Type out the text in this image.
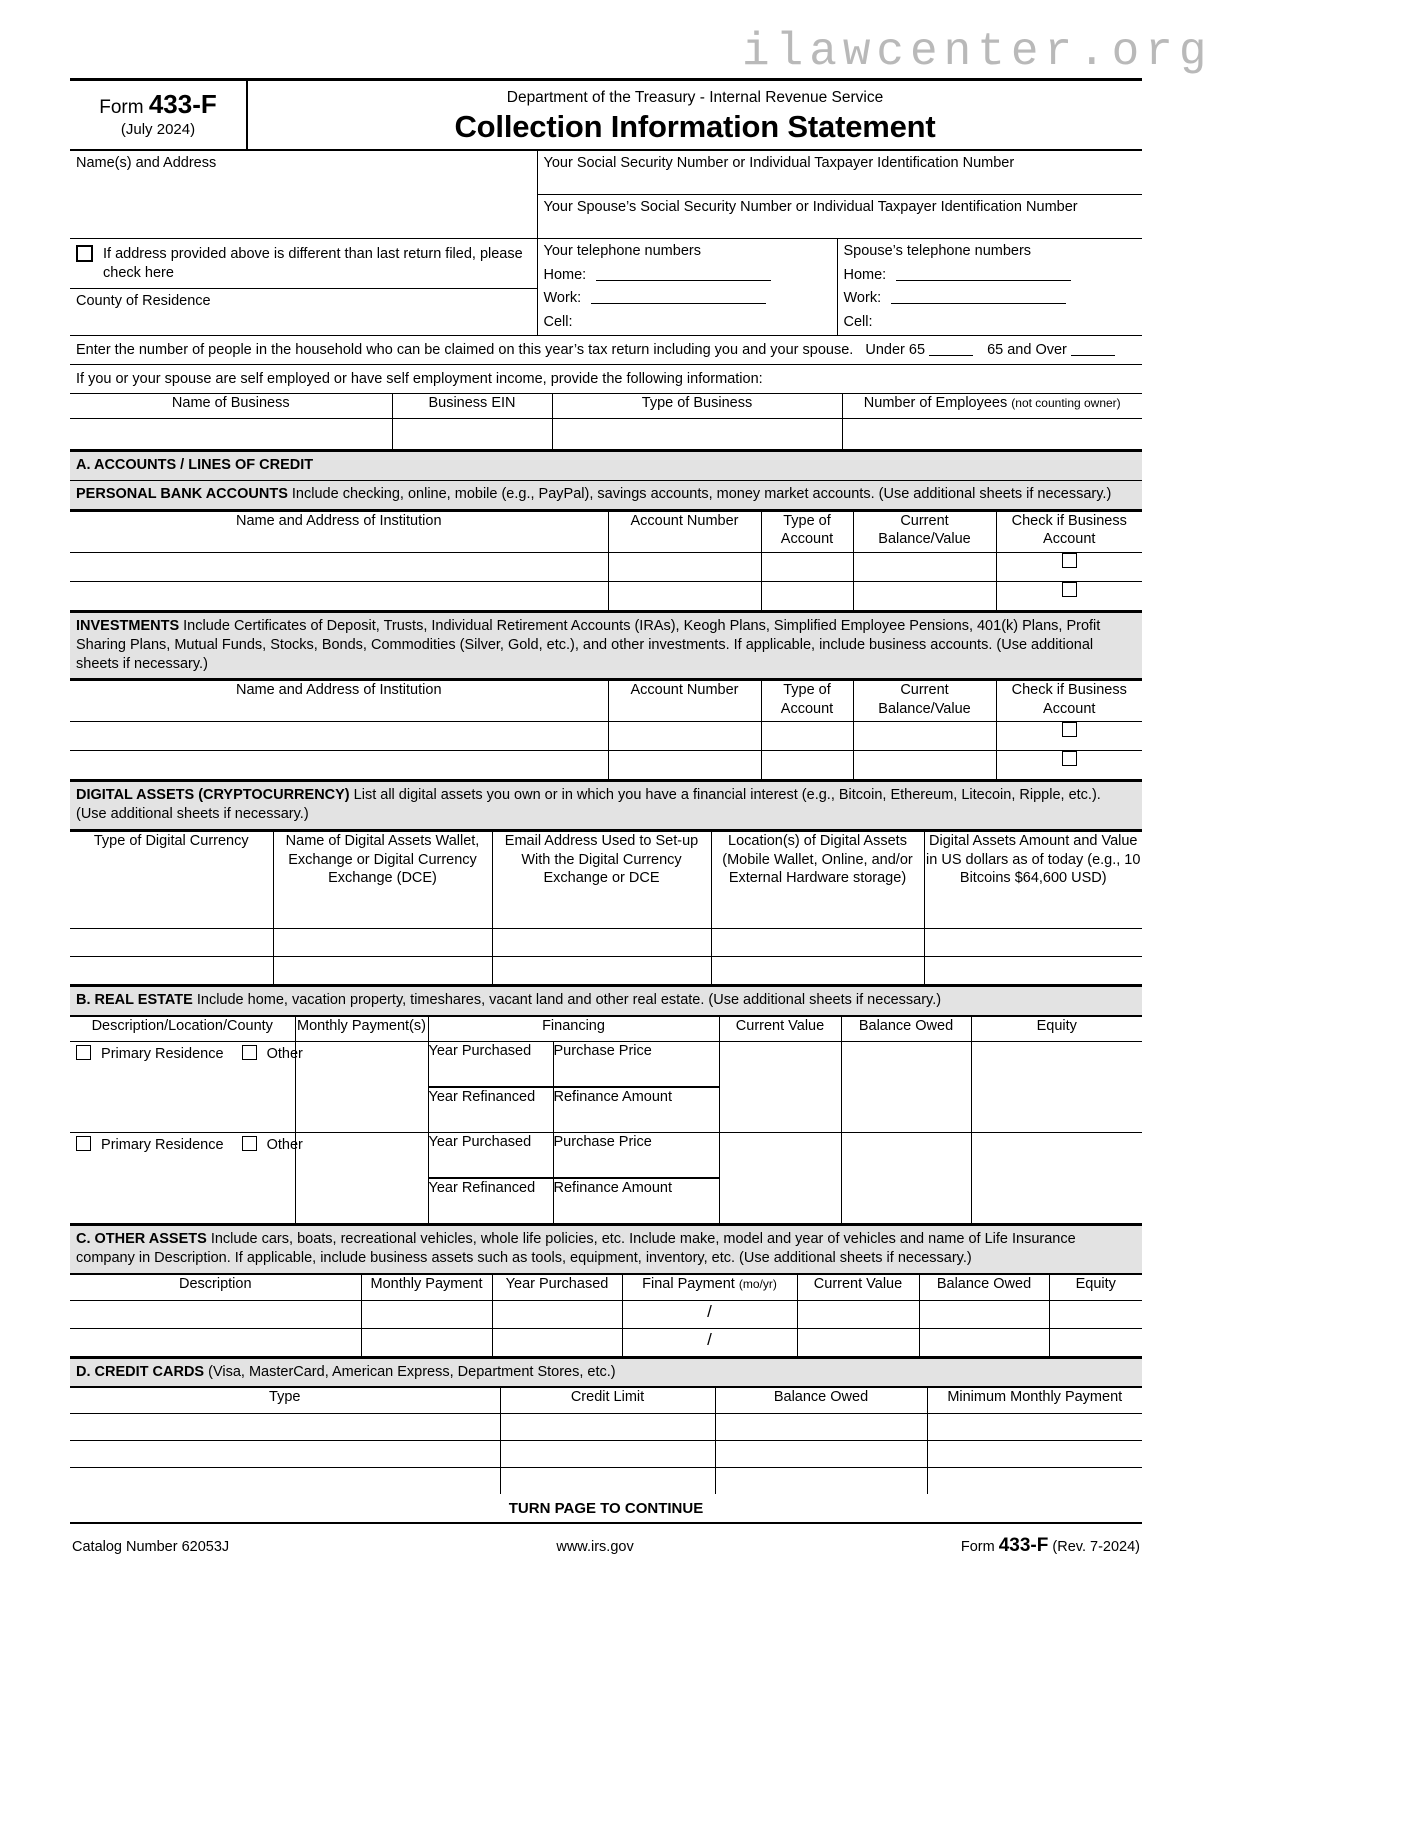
ilawcenter.org
Form 433-F
(July 2024)
Department of the Treasury - Internal Revenue Service
Collection Information Statement
Name(s) and Address	Your Social Security Number or Individual Taxpayer Identification Number	

	Your Spouse’s Social Security Number or Individual Taxpayer Identification Number	

If address provided above is different than last return filed, please check here

Your telephone numbers
Home:
Work:
Cell:

Spouse’s telephone numbers
Home:
Work:
Cell:

County of Residence		
Enter the number of people in the household who can be claimed on this year’s tax return including you and your spouse. Under 65	65 and Over
If you or your spouse are self employed or have self employment income, provide the following information:
Name of Business	Business EIN	Type of Business	Number of Employees (not counting owner)

A. ACCOUNTS / LINES OF CREDIT
PERSONAL BANK ACCOUNTS Include checking, online, mobile (e.g., PayPal), savings accounts, money market accounts. (Use additional sheets if necessary.)
Name and Address of Institution	Account Number	Type of Account	Current Balance/Value	Check if Business Account

INVESTMENTS Include Certificates of Deposit, Trusts, Individual Retirement Accounts (IRAs), Keogh Plans, Simplified Employee Pensions, 401(k) Plans, Profit Sharing Plans, Mutual Funds, Stocks, Bonds, Commodities (Silver, Gold, etc.), and other investments. If applicable, include business accounts. (Use additional sheets if necessary.)
Name and Address of Institution	Account Number	Type of Account	Current Balance/Value	Check if Business Account

DIGITAL ASSETS (CRYPTOCURRENCY) List all digital assets you own or in which you have a financial interest (e.g., Bitcoin, Ethereum, Litecoin, Ripple, etc.). (Use additional sheets if necessary.)
Type of Digital Currency	Name of Digital Assets Wallet, Exchange or Digital Currency Exchange (DCE)	Email Address Used to Set-up With the Digital Currency Exchange or DCE	Location(s) of Digital Assets (Mobile Wallet, Online, and/or External Hardware storage)	Digital Assets Amount and Value in US dollars as of today (e.g., 10 Bitcoins $64,600 USD)

B. REAL ESTATE Include home, vacation property, timeshares, vacant land and other real estate. (Use additional sheets if necessary.)
Description/Location/County	Monthly Payment(s)	Financing		Current Value	Balance Owed	Equity

Primary Residence Other		Year Purchased	Purchase Price			
		Year Refinanced	Refinance Amount			

Primary Residence Other		Year Purchased	Purchase Price			
		Year Refinanced	Refinance Amount			
C. OTHER ASSETS Include cars, boats, recreational vehicles, whole life policies, etc. Include make, model and year of vehicles and name of Life Insurance company in Description. If applicable, include business assets such as tools, equipment, inventory, etc. (Use additional sheets if necessary.)
Description	Monthly Payment	Year Purchased	Final Payment (mo/yr)	Current Value	Balance Owed	Equity
			/			
			/			
D. CREDIT CARDS (Visa, MasterCard, American Express, Department Stores, etc.)
Type	Credit Limit	Balance Owed	Minimum Monthly Payment

TURN PAGE TO CONTINUE
Catalog Number 62053J	www.irs.gov	Form 433-F (Rev. 7-2024)
